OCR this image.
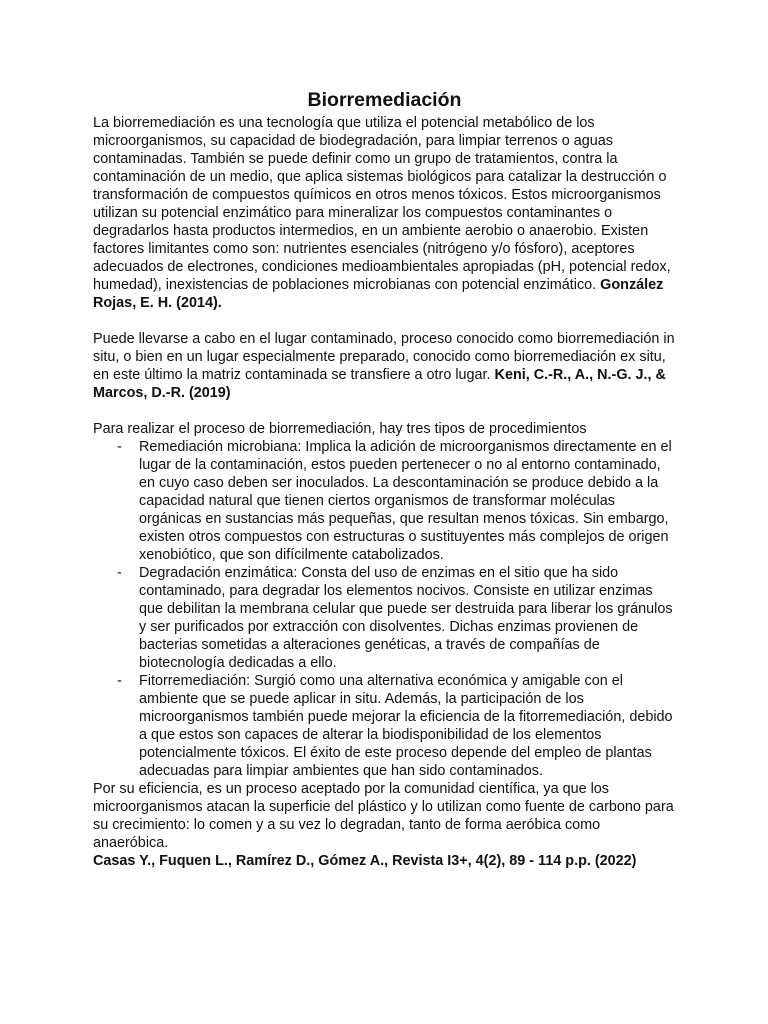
Biorremediación

La biorremediación es una tecnología que utiliza el potencial metabólico de los microorganismos, su capacidad de biodegradación, para limpiar terrenos o aguas contaminadas. También se puede definir como un grupo de tratamientos, contra la contaminación de un medio, que aplica sistemas biológicos para catalizar la destrucción o transformación de compuestos químicos en otros menos tóxicos. Estos microorganismos utilizan su potencial enzimático para mineralizar los compuestos contaminantes o degradarlos hasta productos intermedios, en un ambiente aerobio o anaerobio. Existen factores limitantes como son: nutrientes esenciales (nitrógeno y/o fósforo), aceptores adecuados de electrones, condiciones medioambientales apropiadas (pH, potencial redox, humedad), inexistencias de poblaciones microbianas con potencial enzimático. González Rojas, E. H. (2014).

Puede llevarse a cabo en el lugar contaminado, proceso conocido como biorremediación in situ, o bien en un lugar especialmente preparado, conocido como biorremediación ex situ, en este último la matriz contaminada se transfiere a otro lugar. Keni, C.-R., A., N.-G. J., & Marcos, D.-R. (2019)

Para realizar el proceso de biorremediación, hay tres tipos de procedimientos

- Remediación microbiana: Implica la adición de microorganismos directamente en el lugar de la contaminación, estos pueden pertenecer o no al entorno contaminado, en cuyo caso deben ser inoculados. La descontaminación se produce debido a la capacidad natural que tienen ciertos organismos de transformar moléculas orgánicas en sustancias más pequeñas, que resultan menos tóxicas. Sin embargo, existen otros compuestos con estructuras o sustituyentes más complejos de origen xenobiótico, que son difícilmente catabolizados.
- Degradación enzimática: Consta del uso de enzimas en el sitio que ha sido contaminado, para degradar los elementos nocivos. Consiste en utilizar enzimas que debilitan la membrana celular que puede ser destruida para liberar los gránulos y ser purificados por extracción con disolventes. Dichas enzimas provienen de bacterias sometidas a alteraciones genéticas, a través de compañías de biotecnología dedicadas a ello.
- Fitorremediación: Surgió como una alternativa económica y amigable con el ambiente que se puede aplicar in situ. Además, la participación de los microorganismos también puede mejorar la eficiencia de la fitorremediación, debido a que estos son capaces de alterar la biodisponibilidad de los elementos potencialmente tóxicos. El éxito de este proceso depende del empleo de plantas adecuadas para limpiar ambientes que han sido contaminados.

Por su eficiencia, es un proceso aceptado por la comunidad científica, ya que los microorganismos atacan la superficie del plástico y lo utilizan como fuente de carbono para su crecimiento: lo comen y a su vez lo degradan, tanto de forma aeróbica como anaeróbica.

Casas Y., Fuquen L., Ramírez D., Gómez A., Revista I3+, 4(2), 89 - 114 p.p. (2022)
